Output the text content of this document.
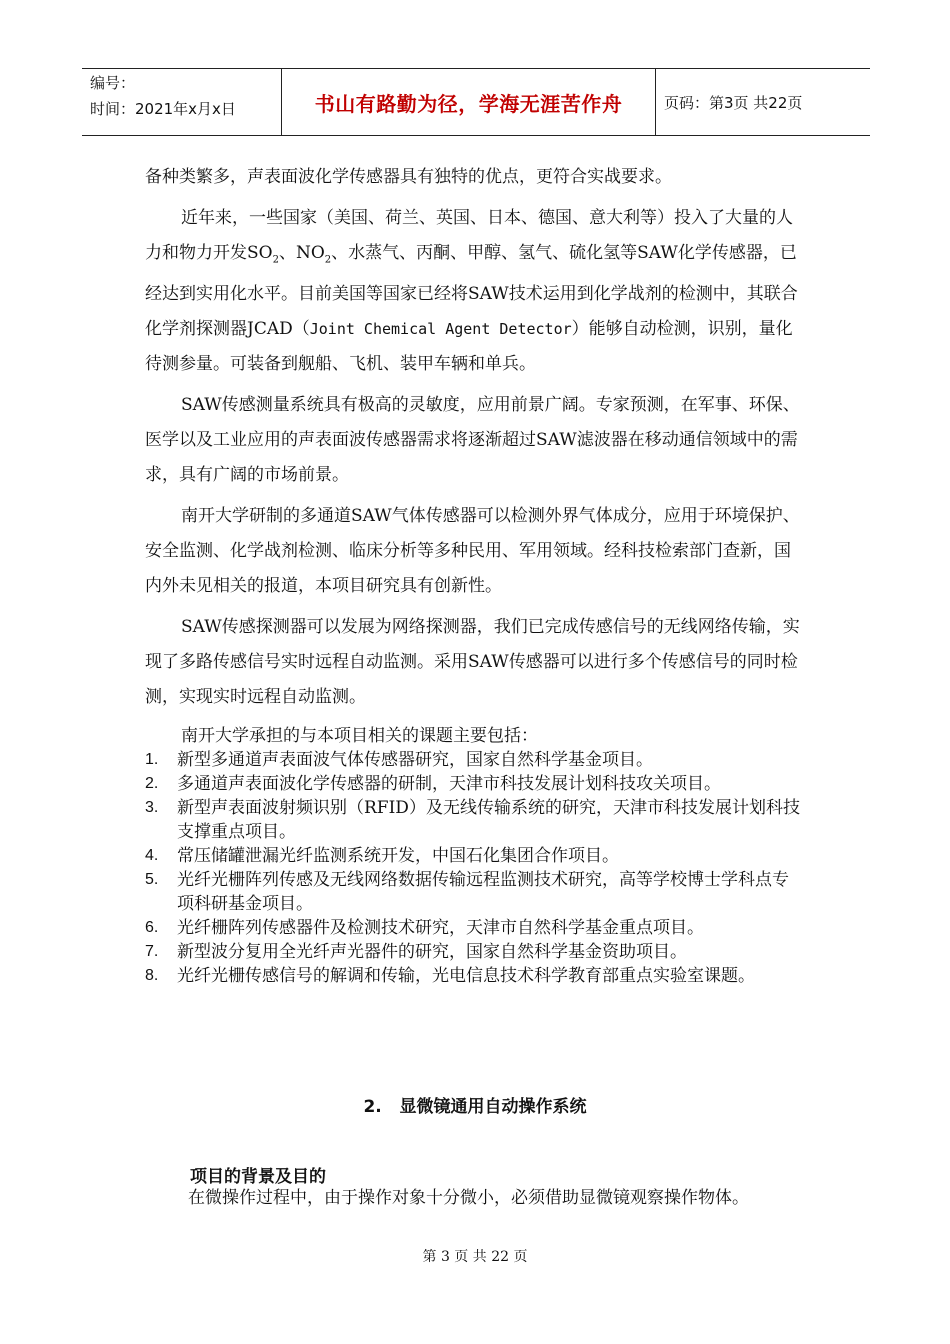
编号：
时间：2021年x月x日	书山有路勤为径，学海无涯苦作舟	页码：第3页 共22页

备种类繁多，声表面波化学传感器具有独特的优点，更符合实战要求。

近年来，一些国家（美国、荷兰、英国、日本、德国、意大利等）投入了大量的人力和物力开发$SO_2$、$NO_2$、水蒸气、丙酮、甲醇、氢气、硫化氢等SAW化学传感器，已经达到实用化水平。目前美国等国家已经将SAW技术运用到化学战剂的检测中，其联合化学剂探测器JCAD（Joint Chemical Agent Detector）能够自动检测，识别，量化待测参量。可装备到舰船、飞机、装甲车辆和单兵。

SAW传感测量系统具有极高的灵敏度，应用前景广阔。专家预测，在军事、环保、医学以及工业应用的声表面波传感器需求将逐渐超过SAW滤波器在移动通信领域中的需求，具有广阔的市场前景。

南开大学研制的多通道SAW气体传感器可以检测外界气体成分，应用于环境保护、安全监测、化学战剂检测、临床分析等多种民用、军用领域。经科技检索部门查新，国内外未见相关的报道，本项目研究具有创新性。

SAW传感探测器可以发展为网络探测器，我们已完成传感信号的无线网络传输，实现了多路传感信号实时远程自动监测。采用SAW传感器可以进行多个传感信号的同时检测，实现实时远程自动监测。

南开大学承担的与本项目相关的课题主要包括：
1.	新型多通道声表面波气体传感器研究，国家自然科学基金项目。
2.	多通道声表面波化学传感器的研制，天津市科技发展计划科技攻关项目。
3.	新型声表面波射频识别（RFID）及无线传输系统的研究，天津市科技发展计划科技支撑重点项目。
4.	常压储罐泄漏光纤监测系统开发，中国石化集团合作项目。
5.	光纤光栅阵列传感及无线网络数据传输远程监测技术研究，高等学校博士学科点专项科研基金项目。
6.	光纤栅阵列传感器件及检测技术研究，天津市自然科学基金重点项目。
7.	新型波分复用全光纤声光器件的研究，国家自然科学基金资助项目。
8.	光纤光栅传感信号的解调和传输，光电信息技术科学教育部重点实验室课题。
2.   显微镜通用自动操作系统
项目的背景及目的
在微操作过程中，由于操作对象十分微小，必须借助显微镜观察操作物体。
第 3 页 共 22 页
